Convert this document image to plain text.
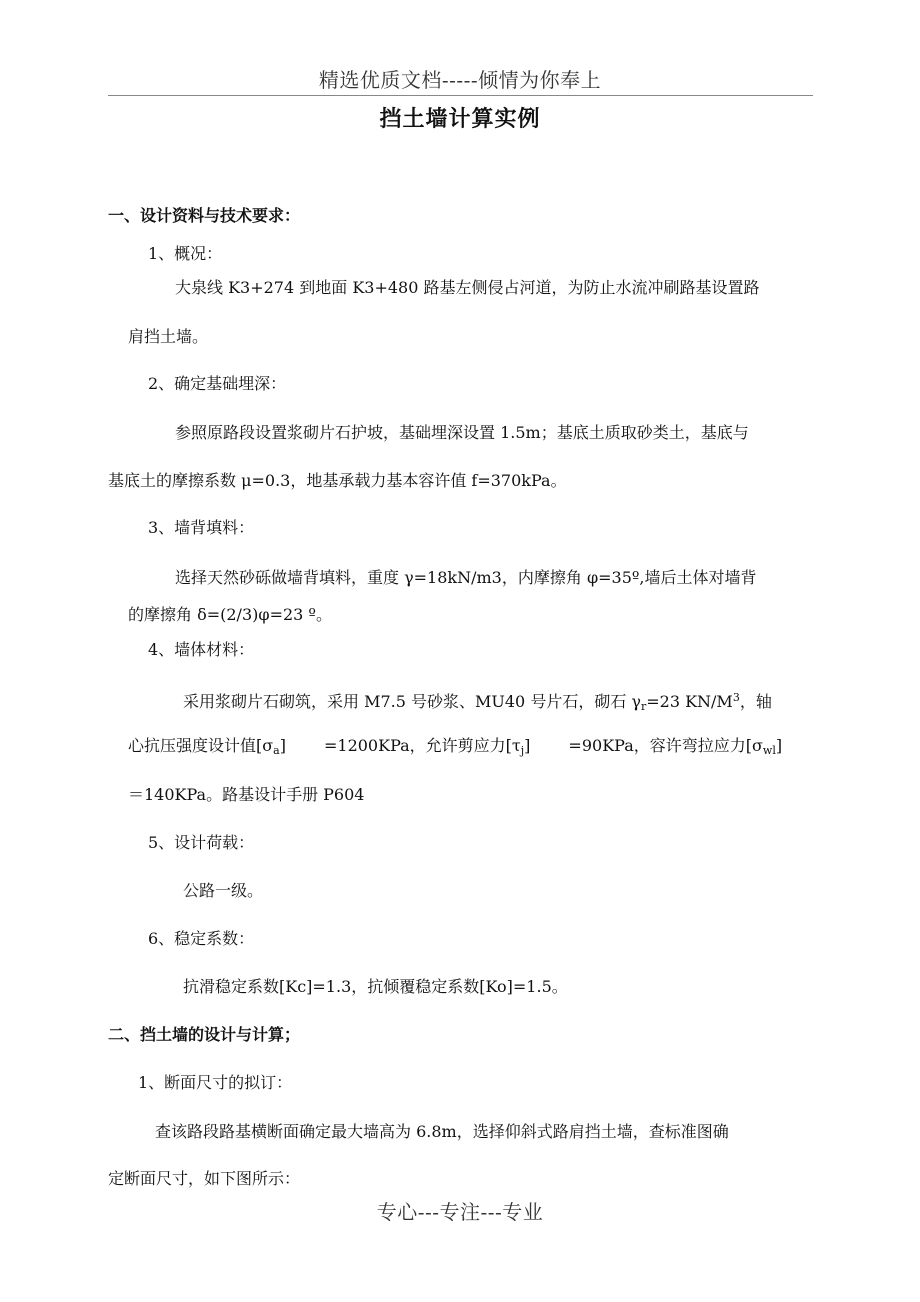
精选优质文档-----倾情为你奉上
挡土墙计算实例
一、设计资料与技术要求：
1、概况：
大泉线 K3+274 到地面 K3+480 路基左侧侵占河道，为防止水流冲刷路基设置路
肩挡土墙。
2、确定基础埋深：
参照原路段设置浆砌片石护坡，基础埋深设置 1.5m；基底土质取砂类土，基底与
基底土的摩擦系数 μ=0.3，地基承载力基本容许值 f=370kPa。
3、墙背填料：
选择天然砂砾做墙背填料，重度 γ=18kN/m3，内摩擦角 φ=35º,墙后土体对墙背
的摩擦角 δ=(2/3)φ=23 º。
4、墙体材料：
采用浆砌片石砌筑，采用 M7.5 号砂浆、MU40 号片石，砌石 $\gamma_r=23$ $KN/M^3$，轴
心抗压强度设计值$[\sigma_a] =1200KPa$，允许剪应力$[\tau_j] =90KPa$，容许弯拉应力$[\sigma_{wl}]$
＝140KPa。路基设计手册 P604
5、设计荷载：
公路一级。
6、稳定系数：
抗滑稳定系数[Kc]=1.3，抗倾覆稳定系数[Ko]=1.5。
二、挡土墙的设计与计算；
1、断面尺寸的拟订：
查该路段路基横断面确定最大墙高为 6.8m，选择仰斜式路肩挡土墙，查标准图确
定断面尺寸，如下图所示：
专心---专注---专业
